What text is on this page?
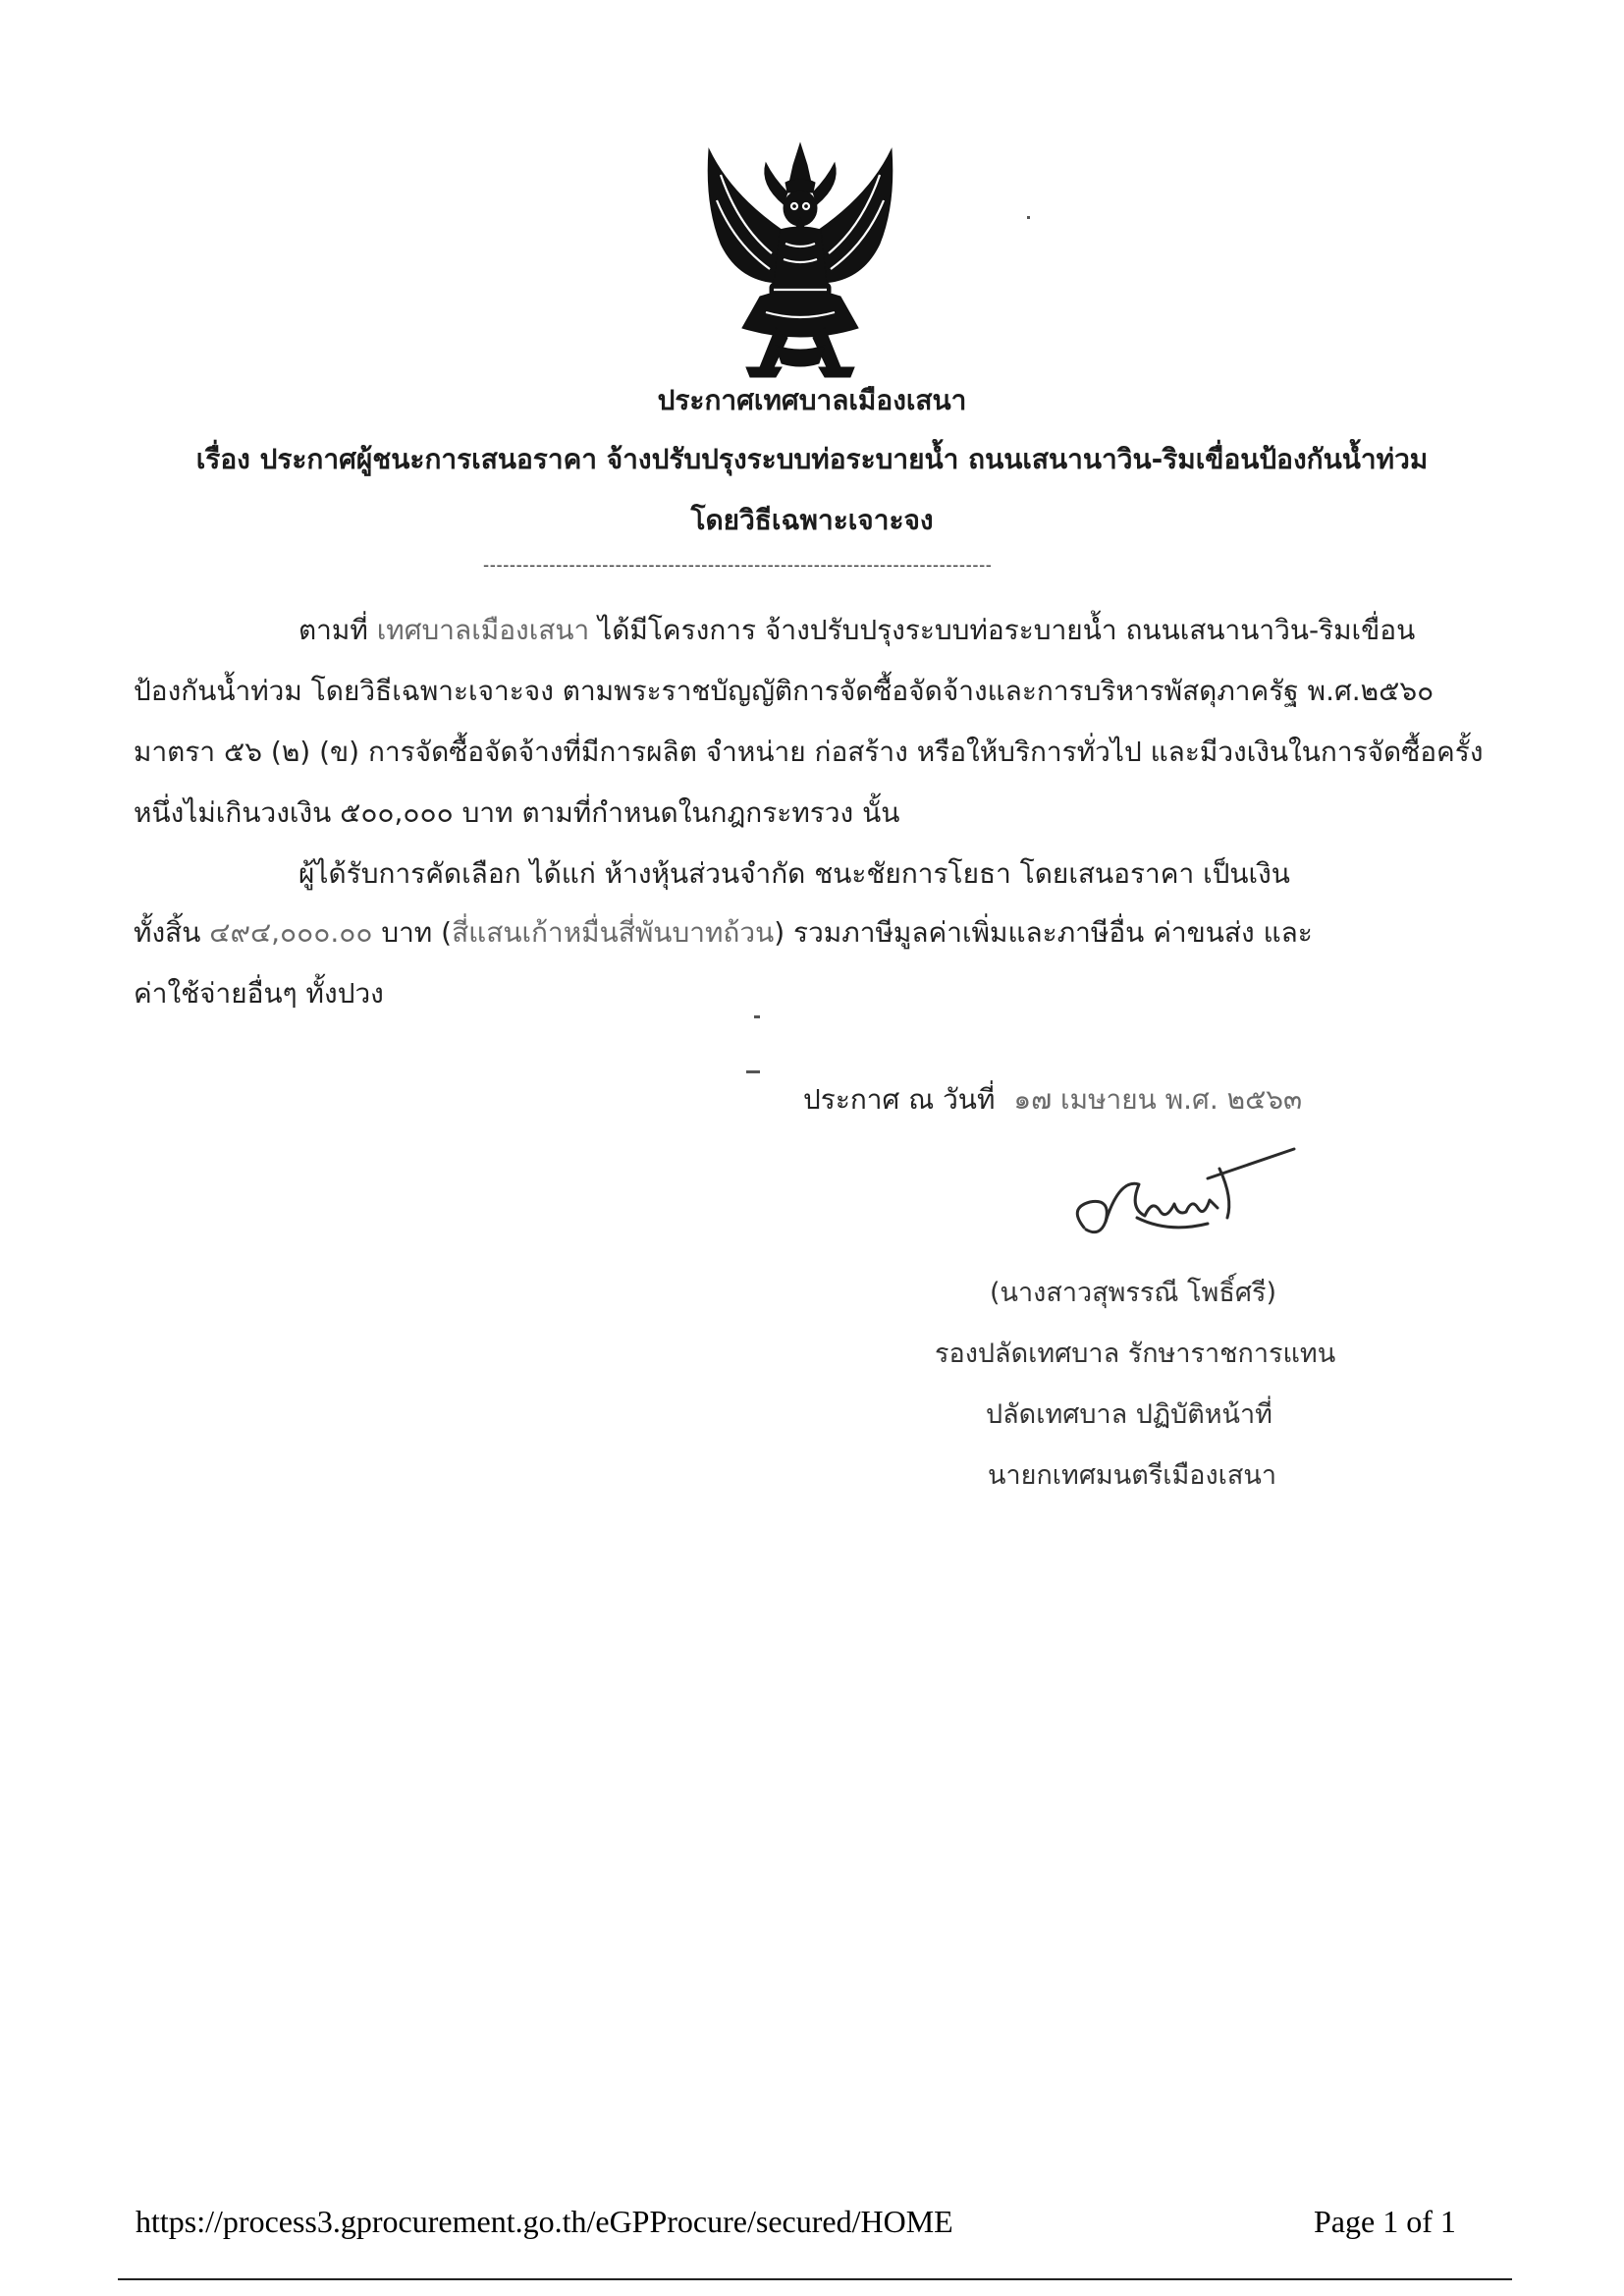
ประกาศเทศบาลเมืองเสนา
เรื่อง ประกาศผู้ชนะการเสนอราคา จ้างปรับปรุงระบบท่อระบายน้ำ ถนนเสนานาวิน-ริมเขื่อนป้องกันน้ำท่วม
โดยวิธีเฉพาะเจาะจง
-----------------------------------------------------------------------------
ตามที่ เทศบาลเมืองเสนา ได้มีโครงการ จ้างปรับปรุงระบบท่อระบายน้ำ ถนนเสนานาวิน-ริมเขื่อน
ป้องกันน้ำท่วม โดยวิธีเฉพาะเจาะจง ตามพระราชบัญญัติการจัดซื้อจัดจ้างและการบริหารพัสดุภาครัฐ พ.ศ.๒๕๖๐
มาตรา ๕๖ (๒) (ข) การจัดซื้อจัดจ้างที่มีการผลิต จำหน่าย ก่อสร้าง หรือให้บริการทั่วไป และมีวงเงินในการจัดซื้อครั้ง
หนึ่งไม่เกินวงเงิน ๕๐๐,๐๐๐ บาท ตามที่กำหนดในกฎกระทรวง นั้น
ผู้ได้รับการคัดเลือก ได้แก่ ห้างหุ้นส่วนจำกัด ชนะชัยการโยธา โดยเสนอราคา เป็นเงิน
ทั้งสิ้น ๔๙๔,๐๐๐.๐๐ บาท (สี่แสนเก้าหมื่นสี่พันบาทถ้วน) รวมภาษีมูลค่าเพิ่มและภาษีอื่น ค่าขนส่ง และ
ค่าใช้จ่ายอื่นๆ ทั้งปวง
ประกาศ ณ วันที่ ๑๗ เมษายน พ.ศ. ๒๕๖๓
(นางสาวสุพรรณี โพธิ์ศรี)
รองปลัดเทศบาล รักษาราชการแทน
ปลัดเทศบาล ปฏิบัติหน้าที่
นายกเทศมนตรีเมืองเสนา
https://process3.gprocurement.go.th/eGPProcure/secured/HOME	Page 1 of 1
